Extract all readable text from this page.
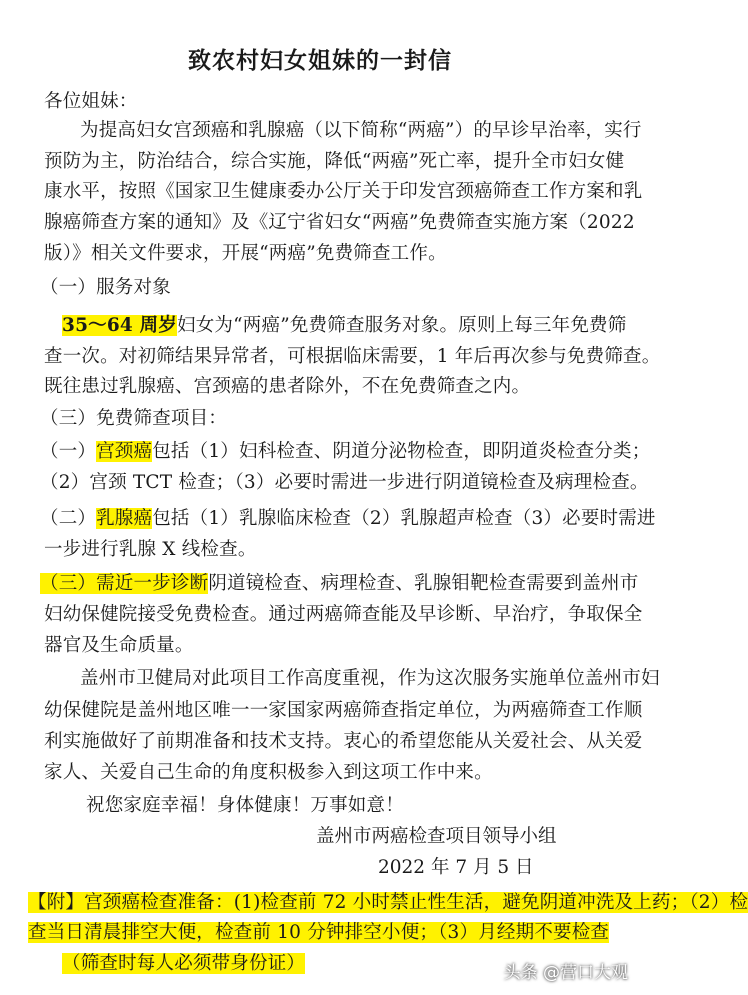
致农村妇女姐妹的一封信
各位姐妹：
为提高妇女宫颈癌和乳腺癌（以下简称“两癌”）的早诊早治率，实行
预防为主，防治结合，综合实施，降低“两癌”死亡率，提升全市妇女健
康水平，按照《国家卫生健康委办公厅关于印发宫颈癌筛查工作方案和乳
腺癌筛查方案的通知》及《辽宁省妇女“两癌”免费筛查实施方案（2022
版）》相关文件要求，开展“两癌”免费筛查工作。
（一）服务对象
35～64 周岁妇女为“两癌”免费筛查服务对象。原则上每三年免费筛
查一次。对初筛结果异常者，可根据临床需要，1 年后再次参与免费筛查。
既往患过乳腺癌、宫颈癌的患者除外，不在免费筛查之内。
（三）免费筛查项目：
（一）宫颈癌包括（1）妇科检查、阴道分泌物检查，即阴道炎检查分类；
（2）宫颈 TCT 检查；（3）必要时需进一步进行阴道镜检查及病理检查。
（二）乳腺癌包括（1）乳腺临床检查（2）乳腺超声检查（3）必要时需进
一步进行乳腺 X 线检查。
（三）需近一步诊断阴道镜检查、病理检查、乳腺钼靶检查需要到盖州市
妇幼保健院接受免费检查。通过两癌筛查能及早诊断、早治疗，争取保全
器官及生命质量。
盖州市卫健局对此项目工作高度重视，作为这次服务实施单位盖州市妇
幼保健院是盖州地区唯一一家国家两癌筛查指定单位，为两癌筛查工作顺
利实施做好了前期准备和技术支持。衷心的希望您能从关爱社会、从关爱
家人、关爱自己生命的角度积极参入到这项工作中来。
祝您家庭幸福！身体健康！万事如意！
盖州市两癌检查项目领导小组
2022 年 7 月 5 日
【附】宫颈癌检查准备：(1)检查前 72 小时禁止性生活，避免阴道冲洗及上药；（2）检
查当日清晨排空大便，检查前 10 分钟排空小便；（3）月经期不要检查
（筛查时每人必须带身份证）	头条 @营口大观
